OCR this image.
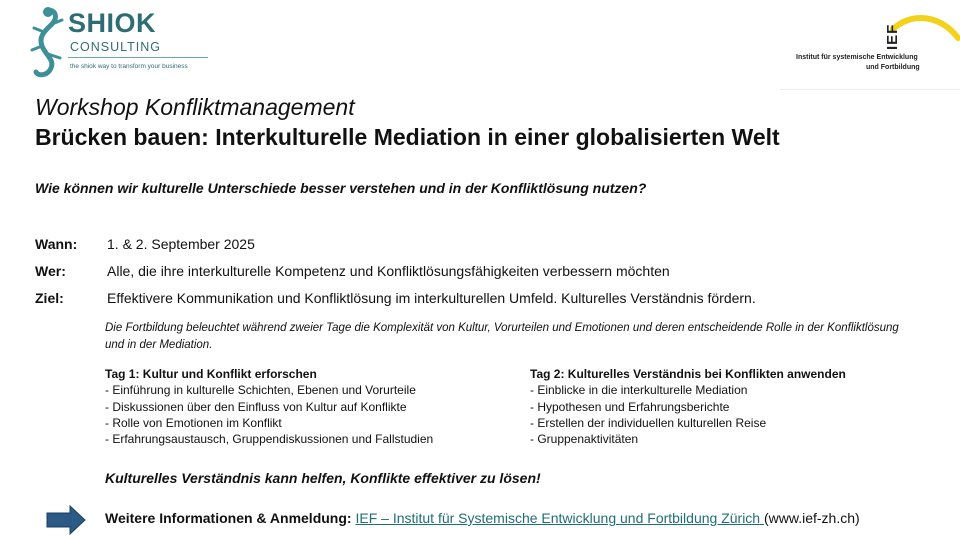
SHIOK
CONSULTING
the shiok way to transform your business
IEF
Institut für systemische Entwicklung
und Fortbildung
Workshop Konfliktmanagement
Brücken bauen: Interkulturelle Mediation in einer globalisierten Welt
Wie können wir kulturelle Unterschiede besser verstehen und in der Konfliktlösung nutzen?
Wann: 1. & 2. September 2025
Wer:	Alle, die ihre interkulturelle Kompetenz und Konfliktlösungsfähigkeiten verbessern möchten
Ziel:	Effektivere Kommunikation und Konfliktlösung im interkulturellen Umfeld. Kulturelles Verständnis fördern.
Die Fortbildung beleuchtet während zweier Tage die Komplexität von Kultur, Vorurteilen und Emotionen und deren entscheidende Rolle in der Konfliktlösung und in der Mediation.
Tag 1: Kultur und Konflikt erforschen
- Einführung in kulturelle Schichten, Ebenen und Vorurteile
- Diskussionen über den Einfluss von Kultur auf Konflikte
- Rolle von Emotionen im Konflikt
- Erfahrungsaustausch, Gruppendiskussionen und Fallstudien
Tag 2: Kulturelles Verständnis bei Konflikten anwenden
- Einblicke in die interkulturelle Mediation
- Hypothesen und Erfahrungsberichte
- Erstellen der individuellen kulturellen Reise
- Gruppenaktivitäten
Kulturelles Verständnis kann helfen, Konflikte effektiver zu lösen!
Weitere Informationen & Anmeldung: IEF – Institut für Systemische Entwicklung und Fortbildung Zürich (www.ief-zh.ch)
